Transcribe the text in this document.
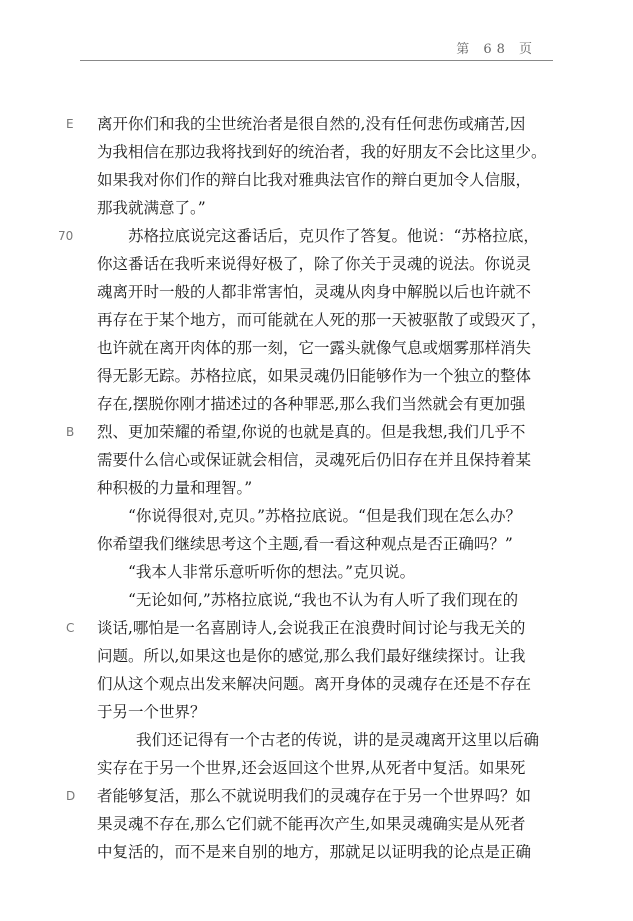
第 68 页
E 离开你们和我的尘世统治者是很自然的,没有任何悲伤或痛苦,因
为我相信在那边我将找到好的统治者，我的好朋友不会比这里少。
如果我对你们作的辩白比我对雅典法官作的辩白更加令人信服，
那我就满意了。”
70	苏格拉底说完这番话后，克贝作了答复。他说：“苏格拉底，
你这番话在我听来说得好极了，除了你关于灵魂的说法。你说灵
魂离开时一般的人都非常害怕，灵魂从肉身中解脱以后也许就不
再存在于某个地方，而可能就在人死的那一天被驱散了或毁灭了，
也许就在离开肉体的那一刻，它一露头就像气息或烟雾那样消失
得无影无踪。苏格拉底，如果灵魂仍旧能够作为一个独立的整体
存在,摆脱你刚才描述过的各种罪恶,那么我们当然就会有更加强
B 烈、更加荣耀的希望,你说的也就是真的。但是我想,我们几乎不
需要什么信心或保证就会相信，灵魂死后仍旧存在并且保持着某
种积极的力量和理智。”
“你说得很对,克贝。”苏格拉底说。“但是我们现在怎么办？
你希望我们继续思考这个主题,看一看这种观点是否正确吗？”
“我本人非常乐意听听你的想法。”克贝说。
“无论如何,”苏格拉底说,“我也不认为有人听了我们现在的
C 谈话,哪怕是一名喜剧诗人,会说我正在浪费时间讨论与我无关的
问题。所以,如果这也是你的感觉,那么我们最好继续探讨。让我
们从这个观点出发来解决问题。离开身体的灵魂存在还是不存在
于另一个世界？
我们还记得有一个古老的传说，讲的是灵魂离开这里以后确
实存在于另一个世界,还会返回这个世界,从死者中复活。如果死
D 者能够复活，那么不就说明我们的灵魂存在于另一个世界吗？如
果灵魂不存在,那么它们就不能再次产生,如果灵魂确实是从死者
中复活的，而不是来自别的地方，那就足以证明我的论点是正确
